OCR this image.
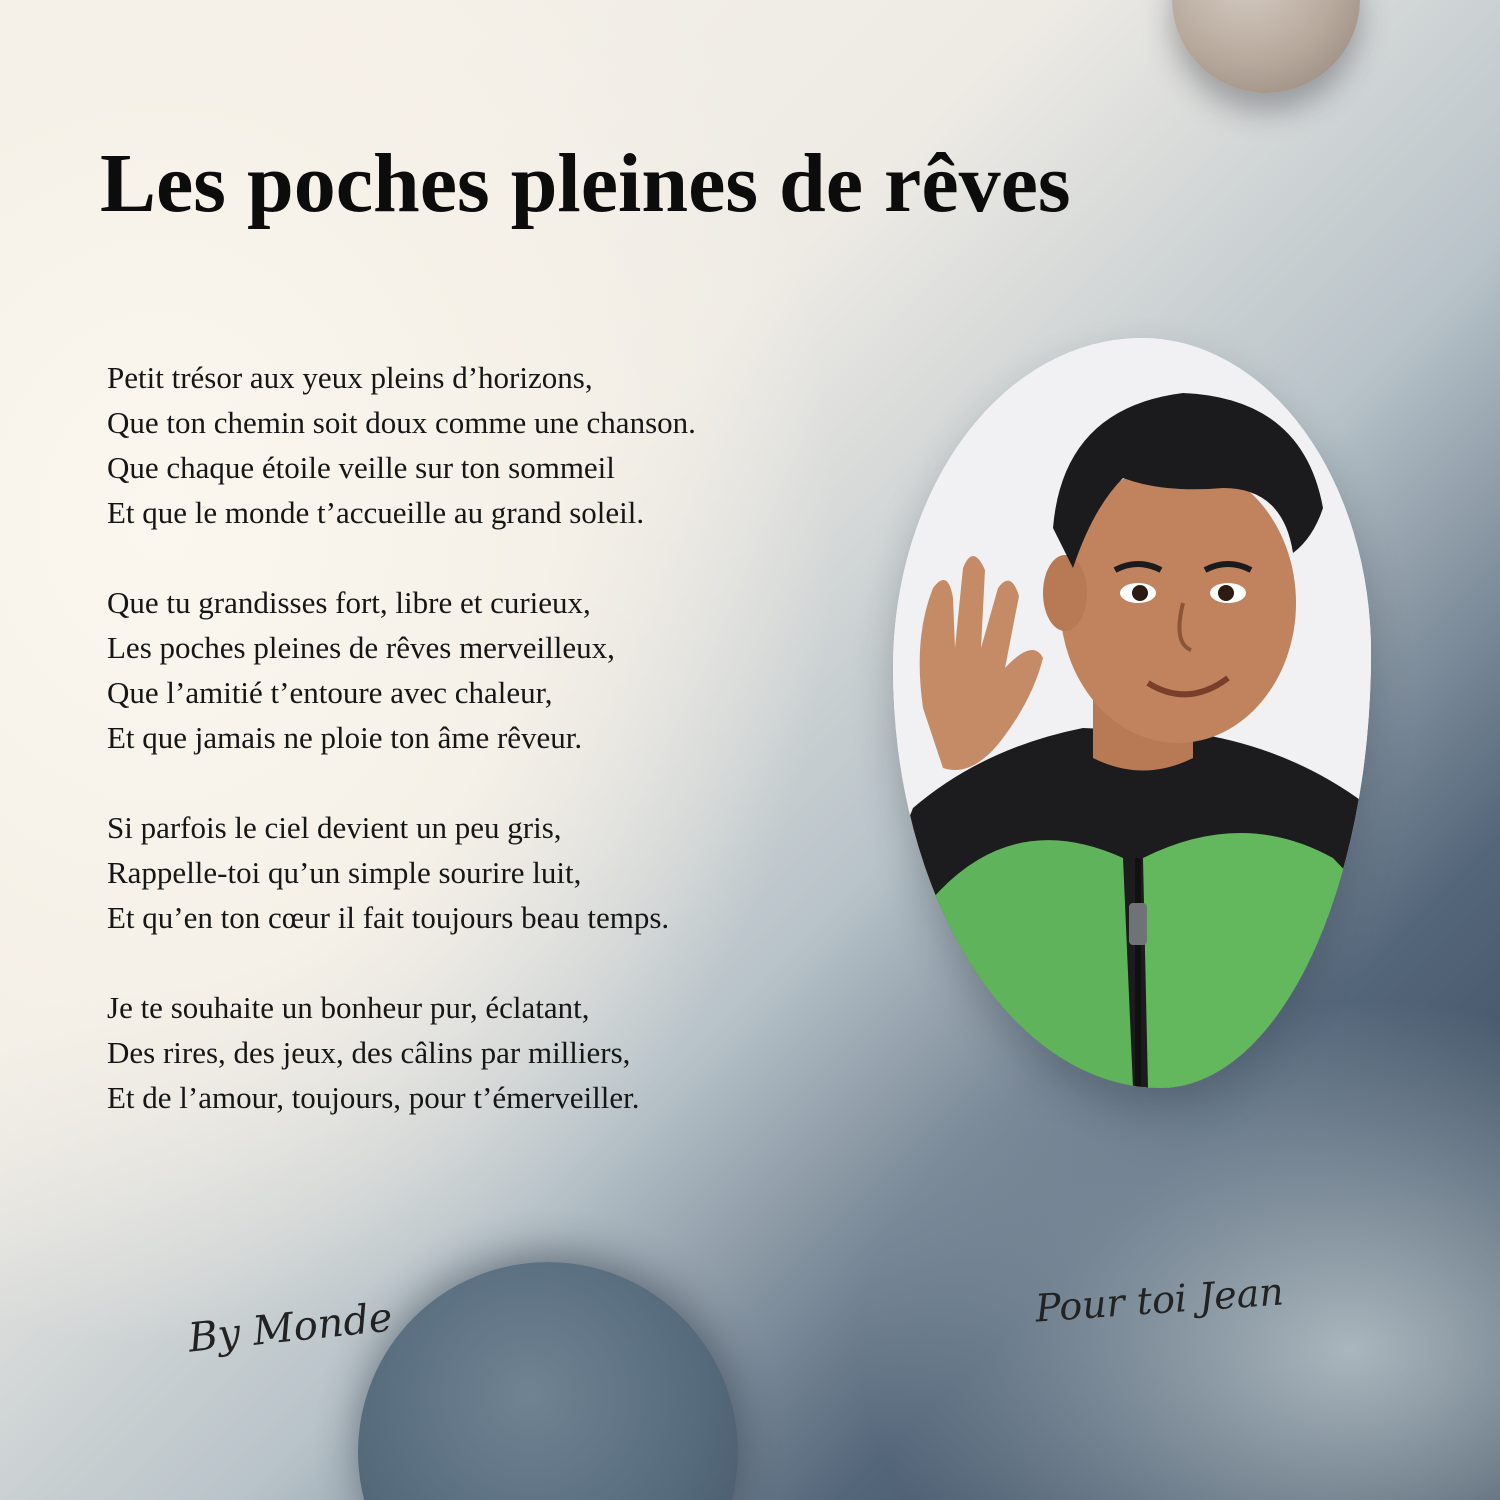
Les poches pleines de rêves
Petit trésor aux yeux pleins d’horizons,
Que ton chemin soit doux comme une chanson.
Que chaque étoile veille sur ton sommeil
Et que le monde t’accueille au grand soleil.
Que tu grandisses fort, libre et curieux,
Les poches pleines de rêves merveilleux,
Que l’amitié t’entoure avec chaleur,
Et que jamais ne ploie ton âme rêveur.
Si parfois le ciel devient un peu gris,
Rappelle-toi qu’un simple sourire luit,
Et qu’en ton cœur il fait toujours beau temps.
Je te souhaite un bonheur pur, éclatant,
Des rires, des jeux, des câlins par milliers,
Et de l’amour, toujours, pour t’émerveiller.
By Monde	Pour toi Jean
